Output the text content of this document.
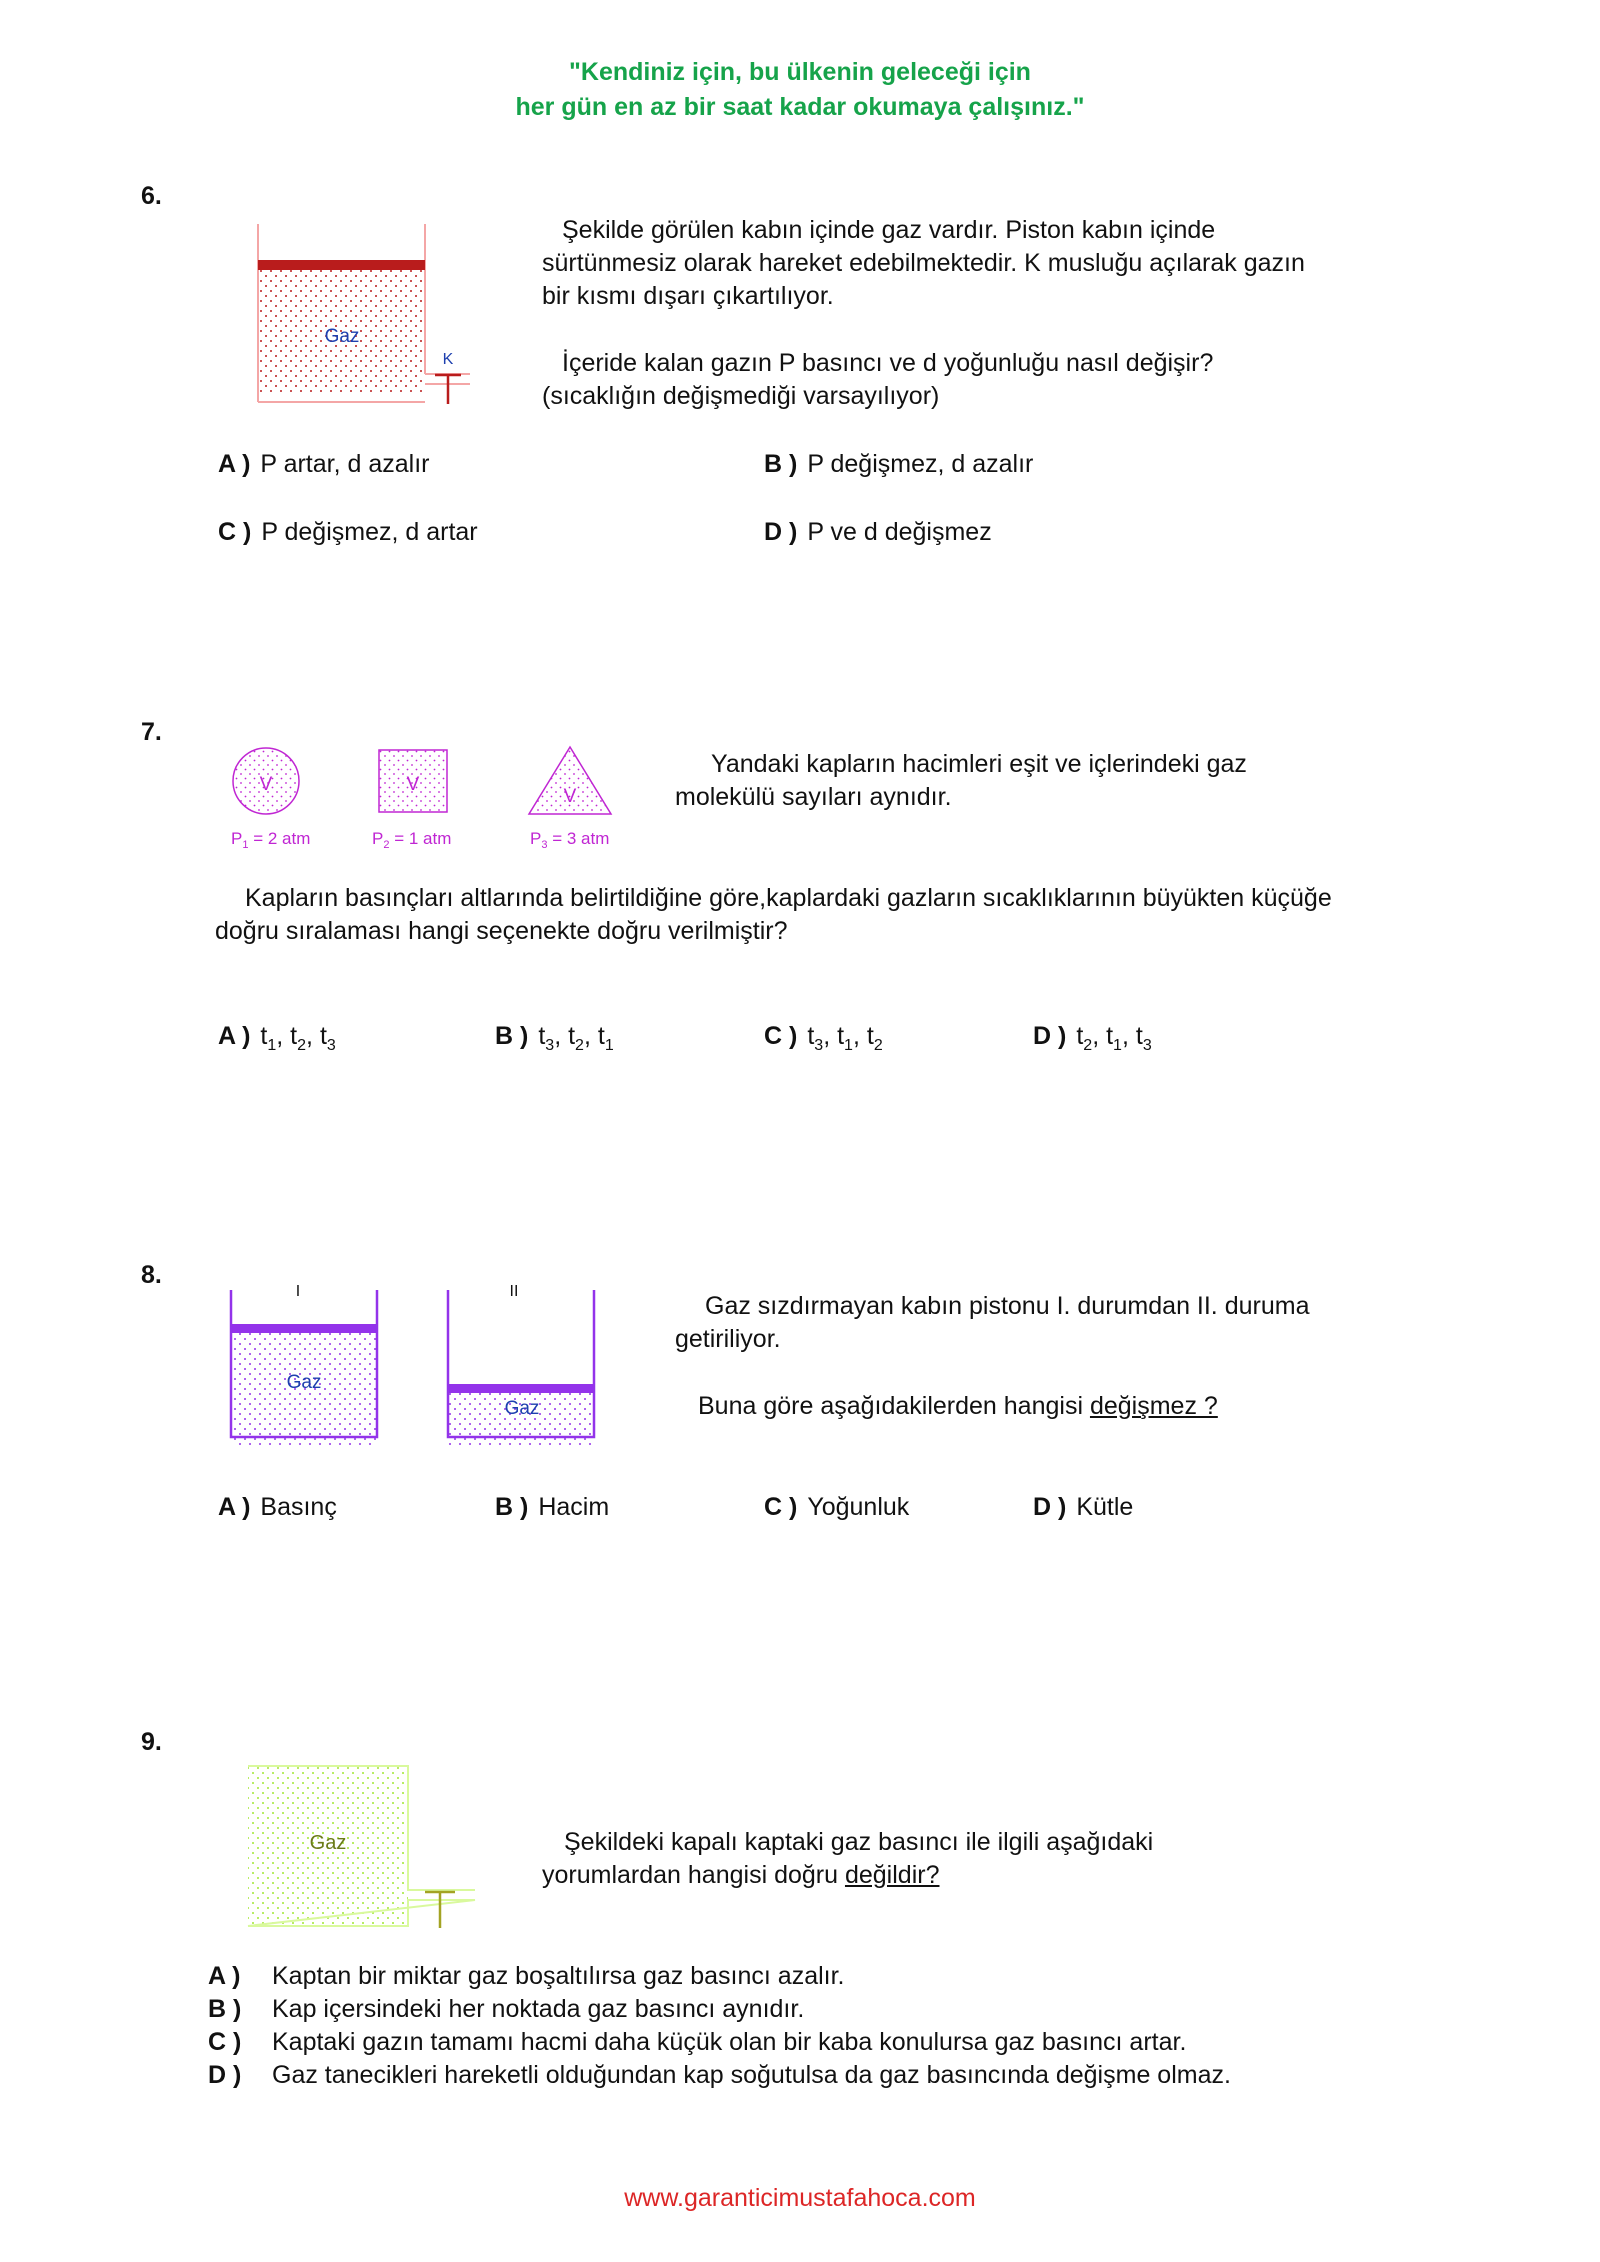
"Kendiniz için, bu ülkenin geleceği için
her gün en az bir saat kadar okumaya çalışınız."
6.
Gaz
K
Şekilde görülen kabın içinde gaz vardır. Piston kabın içinde sürtünmesiz olarak hareket edebilmektedir. K musluğu açılarak gazın bir kısmı dışarı çıkartılıyor.
İçeride kalan gazın P basıncı ve d yoğunluğu nasıl değişir? (sıcaklığın değişmediği varsayılıyor)
A ) P artar, d azalır	B ) P değişmez, d azalır
C ) P değişmez, d artar	D ) P ve d değişmez
7.
V	V
V
$P_1 = 2$ atm	$P_2 = 1$ atm	$P_3 = 3$ atm
Yandaki kapların hacimleri eşit ve içlerindeki gaz molekülü sayıları aynıdır.
Kapların basınçları altlarında belirtildiğine göre,kaplardaki gazların sıcaklıklarının büyükten küçüğe doğru sıralaması hangi seçenekte doğru verilmiştir?
A ) $t_1$, $t_2$, $t_3$	B ) $t_3$, $t_2$, $t_1$	C ) $t_3$, $t_1$, $t_2$	D ) $t_2$, $t_1$, $t_3$
8.
I	II
Gaz
Gaz
Gaz sızdırmayan kabın pistonu I. durumdan II. duruma getiriliyor.
Buna göre aşağıdakilerden hangisi değişmez ?
A ) Basınç	B ) Hacim	C ) Yoğunluk	D ) Kütle
9.
Gaz	Şekildeki kapalı kaptaki gaz basıncı ile ilgili aşağıdaki yorumlardan hangisi doğru değildir?
A ) Kaptan bir miktar gaz boşaltılırsa gaz basıncı azalır.
B ) Kap içersindeki her noktada gaz basıncı aynıdır.
C ) Kaptaki gazın tamamı hacmi daha küçük olan bir kaba konulursa gaz basıncı artar.
D ) Gaz tanecikleri hareketli olduğundan kap soğutulsa da gaz basıncında değişme olmaz.
www.garanticimustafahoca.com
